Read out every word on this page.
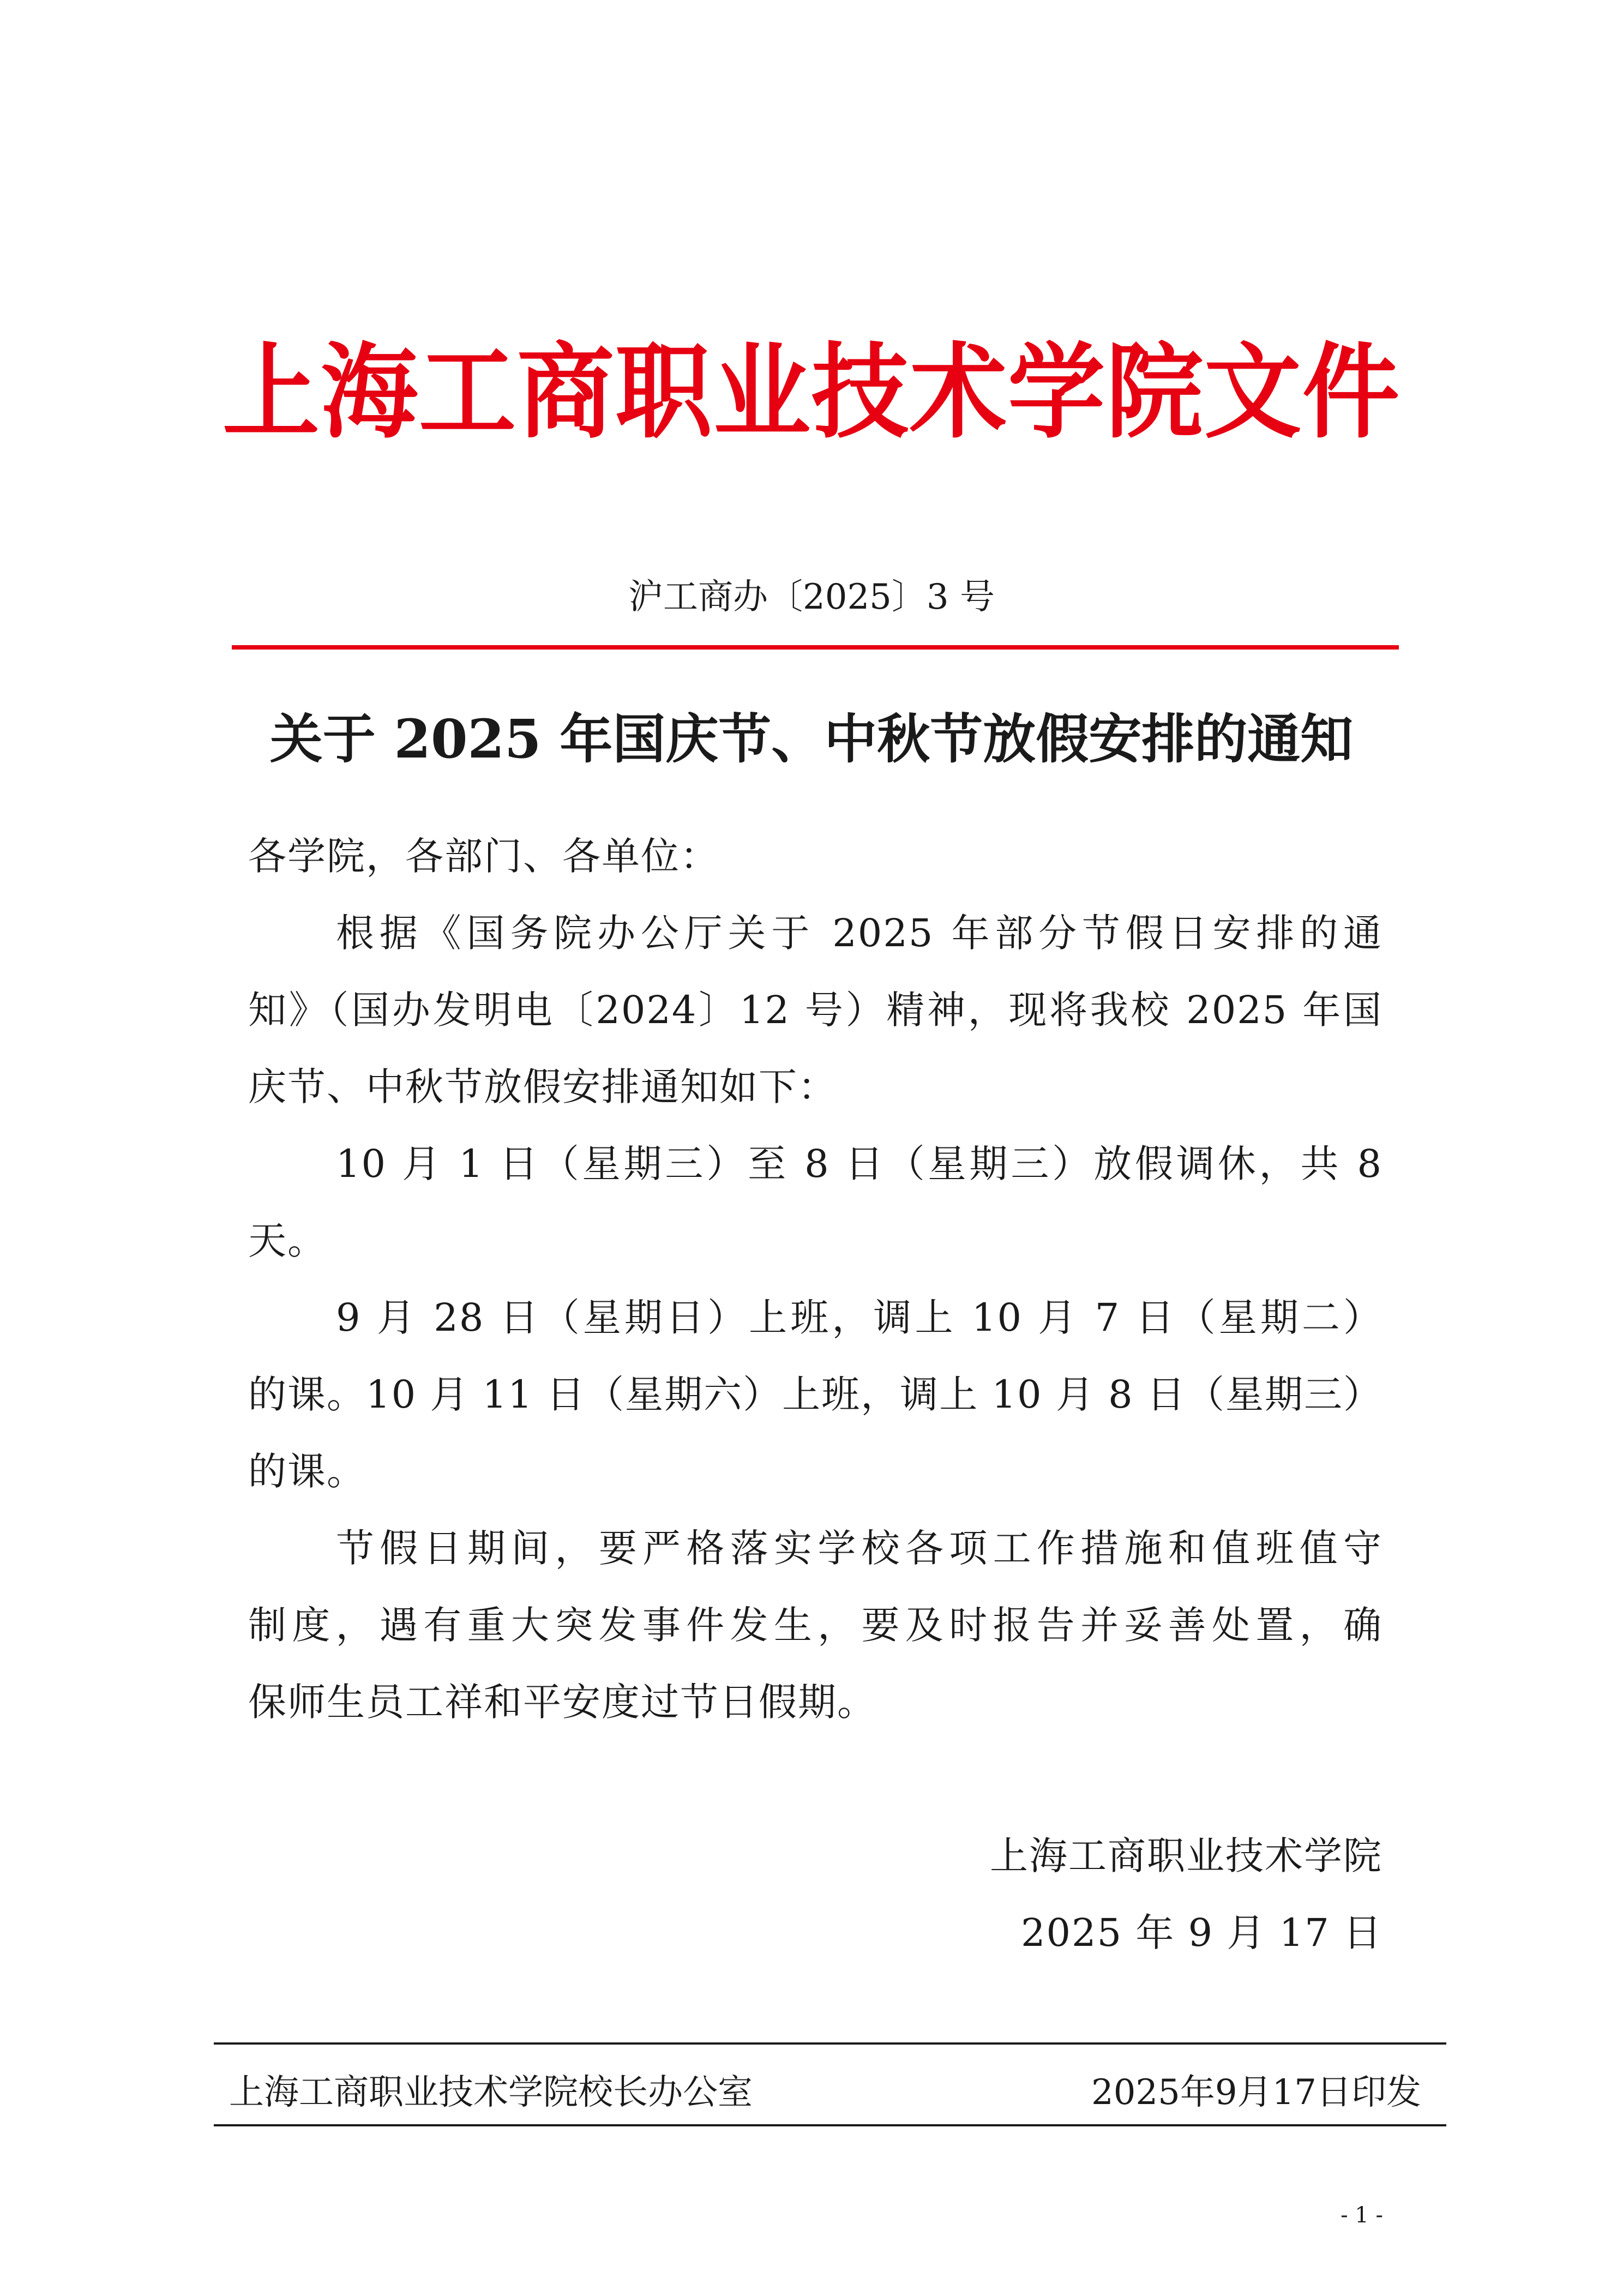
上海工商职业技术学院文件
沪工商办〔2025〕3 号
关于 2025 年国庆节、中秋节放假安排的通知
各学院，各部门、各单位：
根据《国务院办公厅关于 2025 年部分节假日安排的通
知》（国办发明电〔2024〕12 号）精神，现将我校 2025 年国
庆节、中秋节放假安排通知如下：
10 月 1 日（星期三）至 8 日（星期三）放假调休，共 8
天。
9 月 28 日（星期日）上班，调上 10 月 7 日（星期二）
的课。10 月 11 日（星期六）上班，调上 10 月 8 日（星期三）
的课。
节假日期间，要严格落实学校各项工作措施和值班值守
制度，遇有重大突发事件发生，要及时报告并妥善处置，确
保师生员工祥和平安度过节日假期。
上海工商职业技术学院
2025 年 9 月 17 日
上海工商职业技术学院校长办公室	2025年9月17日印发
- 1 -
